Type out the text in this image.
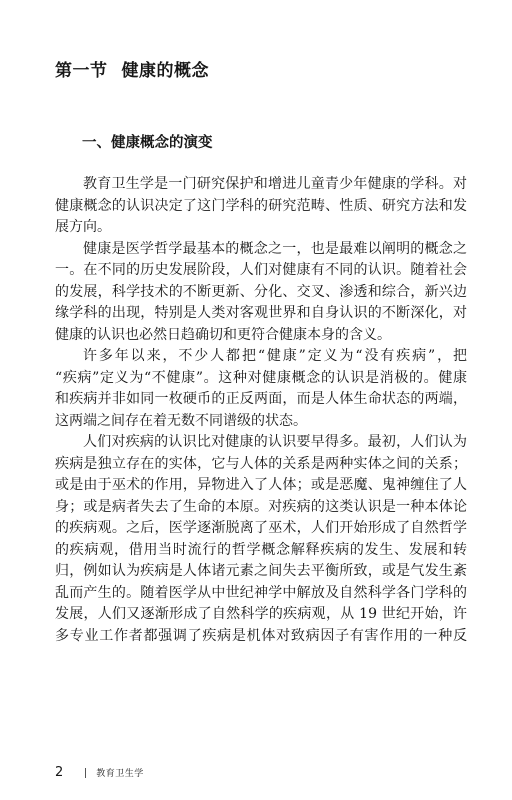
第一节 健康的概念
一、健康概念的演变
教育卫生学是一门研究保护和增进儿童青少年健康的学科。对
健康概念的认识决定了这门学科的研究范畴、性质、研究方法和发
展方向。
健康是医学哲学最基本的概念之一，也是最难以阐明的概念之
一。在不同的历史发展阶段，人们对健康有不同的认识。随着社会
的发展，科学技术的不断更新、分化、交叉、渗透和综合，新兴边
缘学科的出现，特别是人类对客观世界和自身认识的不断深化，对
健康的认识也必然日趋确切和更符合健康本身的含义。
许多年以来，不少人都把“健康”定义为“没有疾病”，把
“疾病”定义为“不健康”。这种对健康概念的认识是消极的。健康
和疾病并非如同一枚硬币的正反两面，而是人体生命状态的两端，
这两端之间存在着无数不同谱级的状态。
人们对疾病的认识比对健康的认识要早得多。最初，人们认为
疾病是独立存在的实体，它与人体的关系是两种实体之间的关系；
或是由于巫术的作用，异物进入了人体；或是恶魔、鬼神缠住了人
身；或是病者失去了生命的本原。对疾病的这类认识是一种本体论
的疾病观。之后，医学逐渐脱离了巫术，人们开始形成了自然哲学
的疾病观，借用当时流行的哲学概念解释疾病的发生、发展和转
归，例如认为疾病是人体诸元素之间失去平衡所致，或是气发生紊
乱而产生的。随着医学从中世纪神学中解放及自然科学各门学科的
发展，人们又逐渐形成了自然科学的疾病观，从 19 世纪开始，许
多专业工作者都强调了疾病是机体对致病因子有害作用的一种反
2	教育卫生学
